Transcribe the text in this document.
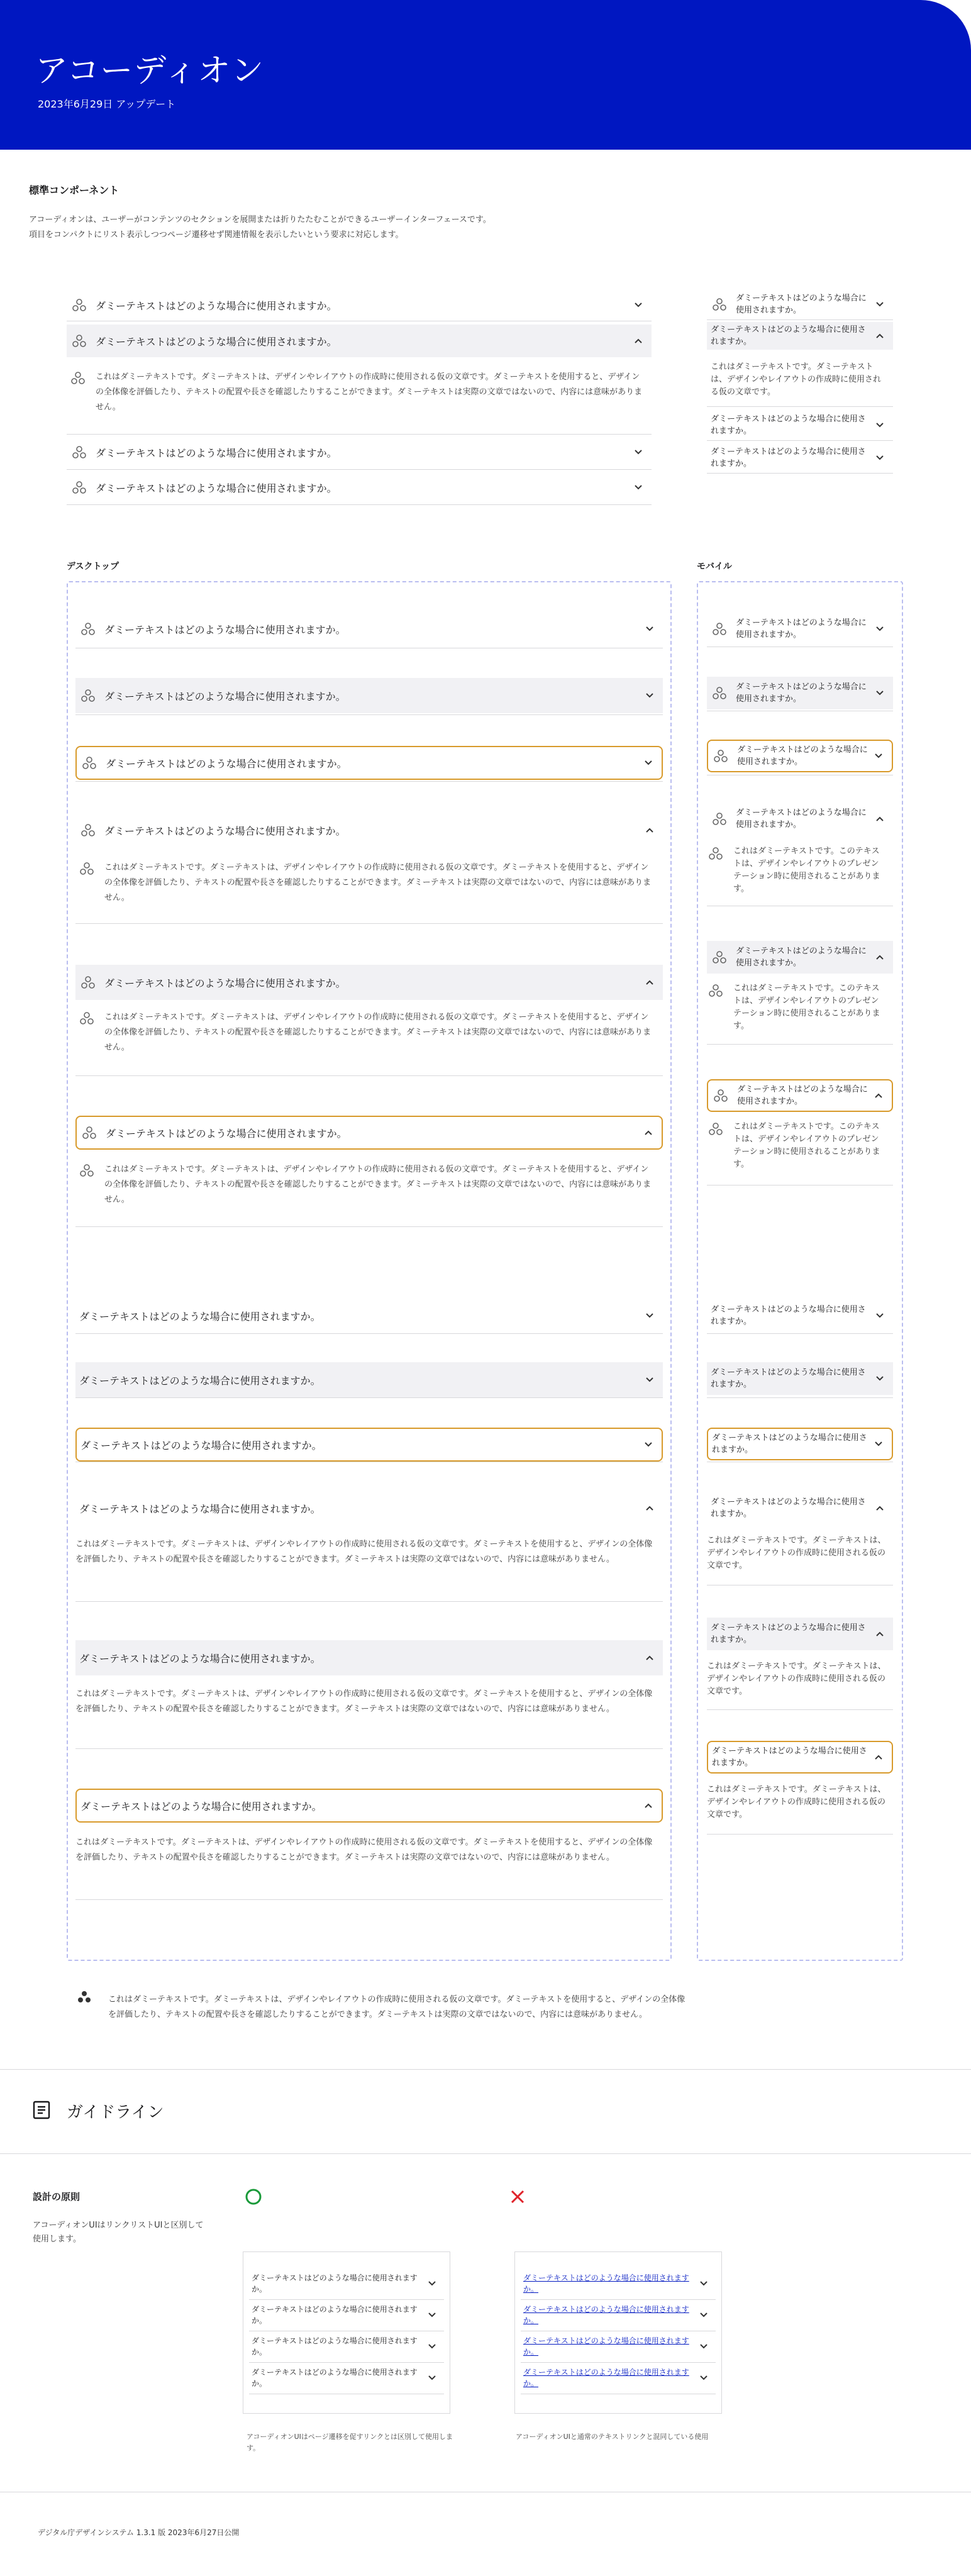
アコーディオン
2023年6月29日 アップデート
標準コンポーネント
アコーディオンは、ユーザーがコンテンツのセクションを展開または折りたたむことができるユーザーインターフェースです。
項目をコンパクトにリスト表示しつつページ遷移せず関連情報を表示したいという要求に対応します。
ダミーテキストはどのような場合に使用されますか。
ダミーテキストはどのような場合に使用されますか。
これはダミーテキストです。ダミーテキストは、デザインやレイアウトの作成時に使用される仮の文章です。ダミーテキストを使用すると、デザインの全体像を評価したり、テキストの配置や長さを確認したりすることができます。ダミーテキストは実際の文章ではないので、内容には意味がありません。
ダミーテキストはどのような場合に使用されますか。
ダミーテキストはどのような場合に使用されますか。
ダミーテキストはどのような場合に使用されますか。
ダミーテキストはどのような場合に使用されますか。
これはダミーテキストです。ダミーテキストは、デザインやレイアウトの作成時に使用される仮の文章です。
ダミーテキストはどのような場合に使用されますか。
ダミーテキストはどのような場合に使用されますか。
デスクトップ	モバイル
ダミーテキストはどのような場合に使用されますか。
ダミーテキストはどのような場合に使用されますか。
ダミーテキストはどのような場合に使用されますか。
ダミーテキストはどのような場合に使用されますか。
これはダミーテキストです。ダミーテキストは、デザインやレイアウトの作成時に使用される仮の文章です。ダミーテキストを使用すると、デザインの全体像を評価したり、テキストの配置や長さを確認したりすることができます。ダミーテキストは実際の文章ではないので、内容には意味がありません。
ダミーテキストはどのような場合に使用されますか。
これはダミーテキストです。ダミーテキストは、デザインやレイアウトの作成時に使用される仮の文章です。ダミーテキストを使用すると、デザインの全体像を評価したり、テキストの配置や長さを確認したりすることができます。ダミーテキストは実際の文章ではないので、内容には意味がありません。
ダミーテキストはどのような場合に使用されますか。
これはダミーテキストです。ダミーテキストは、デザインやレイアウトの作成時に使用される仮の文章です。ダミーテキストを使用すると、デザインの全体像を評価したり、テキストの配置や長さを確認したりすることができます。ダミーテキストは実際の文章ではないので、内容には意味がありません。
ダミーテキストはどのような場合に使用されますか。
ダミーテキストはどのような場合に使用されますか。
ダミーテキストはどのような場合に使用されますか。
ダミーテキストはどのような場合に使用されますか。
これはダミーテキストです。ダミーテキストは、デザインやレイアウトの作成時に使用される仮の文章です。ダミーテキストを使用すると、デザインの全体像を評価したり、テキストの配置や長さを確認したりすることができます。ダミーテキストは実際の文章ではないので、内容には意味がありません。
ダミーテキストはどのような場合に使用されますか。
これはダミーテキストです。ダミーテキストは、デザインやレイアウトの作成時に使用される仮の文章です。ダミーテキストを使用すると、デザインの全体像を評価したり、テキストの配置や長さを確認したりすることができます。ダミーテキストは実際の文章ではないので、内容には意味がありません。
ダミーテキストはどのような場合に使用されますか。
これはダミーテキストです。ダミーテキストは、デザインやレイアウトの作成時に使用される仮の文章です。ダミーテキストを使用すると、デザインの全体像を評価したり、テキストの配置や長さを確認したりすることができます。ダミーテキストは実際の文章ではないので、内容には意味がありません。
ダミーテキストはどのような場合に使用されますか。
ダミーテキストはどのような場合に使用されますか。
ダミーテキストはどのような場合に使用されますか。
ダミーテキストはどのような場合に使用されますか。
これはダミーテキストです。このテキストは、デザインやレイアウトのプレゼンテーション時に使用されることがあります。
ダミーテキストはどのような場合に使用されますか。
これはダミーテキストです。このテキストは、デザインやレイアウトのプレゼンテーション時に使用されることがあります。
ダミーテキストはどのような場合に使用されますか。
これはダミーテキストです。このテキストは、デザインやレイアウトのプレゼンテーション時に使用されることがあります。
ダミーテキストはどのような場合に使用されますか。
ダミーテキストはどのような場合に使用されますか。
ダミーテキストはどのような場合に使用されますか。
ダミーテキストはどのような場合に使用されますか。
これはダミーテキストです。ダミーテキストは、デザインやレイアウトの作成時に使用される仮の文章です。
ダミーテキストはどのような場合に使用されますか。
これはダミーテキストです。ダミーテキストは、デザインやレイアウトの作成時に使用される仮の文章です。
ダミーテキストはどのような場合に使用されますか。
これはダミーテキストです。ダミーテキストは、デザインやレイアウトの作成時に使用される仮の文章です。
これはダミーテキストです。ダミーテキストは、デザインやレイアウトの作成時に使用される仮の文章です。ダミーテキストを使用すると、デザインの全体像を評価したり、テキストの配置や長さを確認したりすることができます。ダミーテキストは実際の文章ではないので、内容には意味がありません。
ダミーテキストはどのような場合に使用されますか。
ダミーテキストはどのような場合に使用されますか。
ダミーテキストはどのような場合に使用されますか。
ダミーテキストはどのような場合に使用されますか。
ダミーテキストはどのような場合に使用されますか。
ダミーテキストはどのような場合に使用されますか。
ダミーテキストはどのような場合に使用されますか。
ダミーテキストはどのような場合に使用されますか。
ガイドライン
設計の原則
アコーディオンUIはリンクリストUIと区別して使用します。
アコーディオンUIはページ遷移を促すリンクとは区別して使用します。
アコーディオンUIと通常のテキストリンクと混同している使用
デジタル庁デザインシステム 1.3.1 版 2023年6月27日公開
